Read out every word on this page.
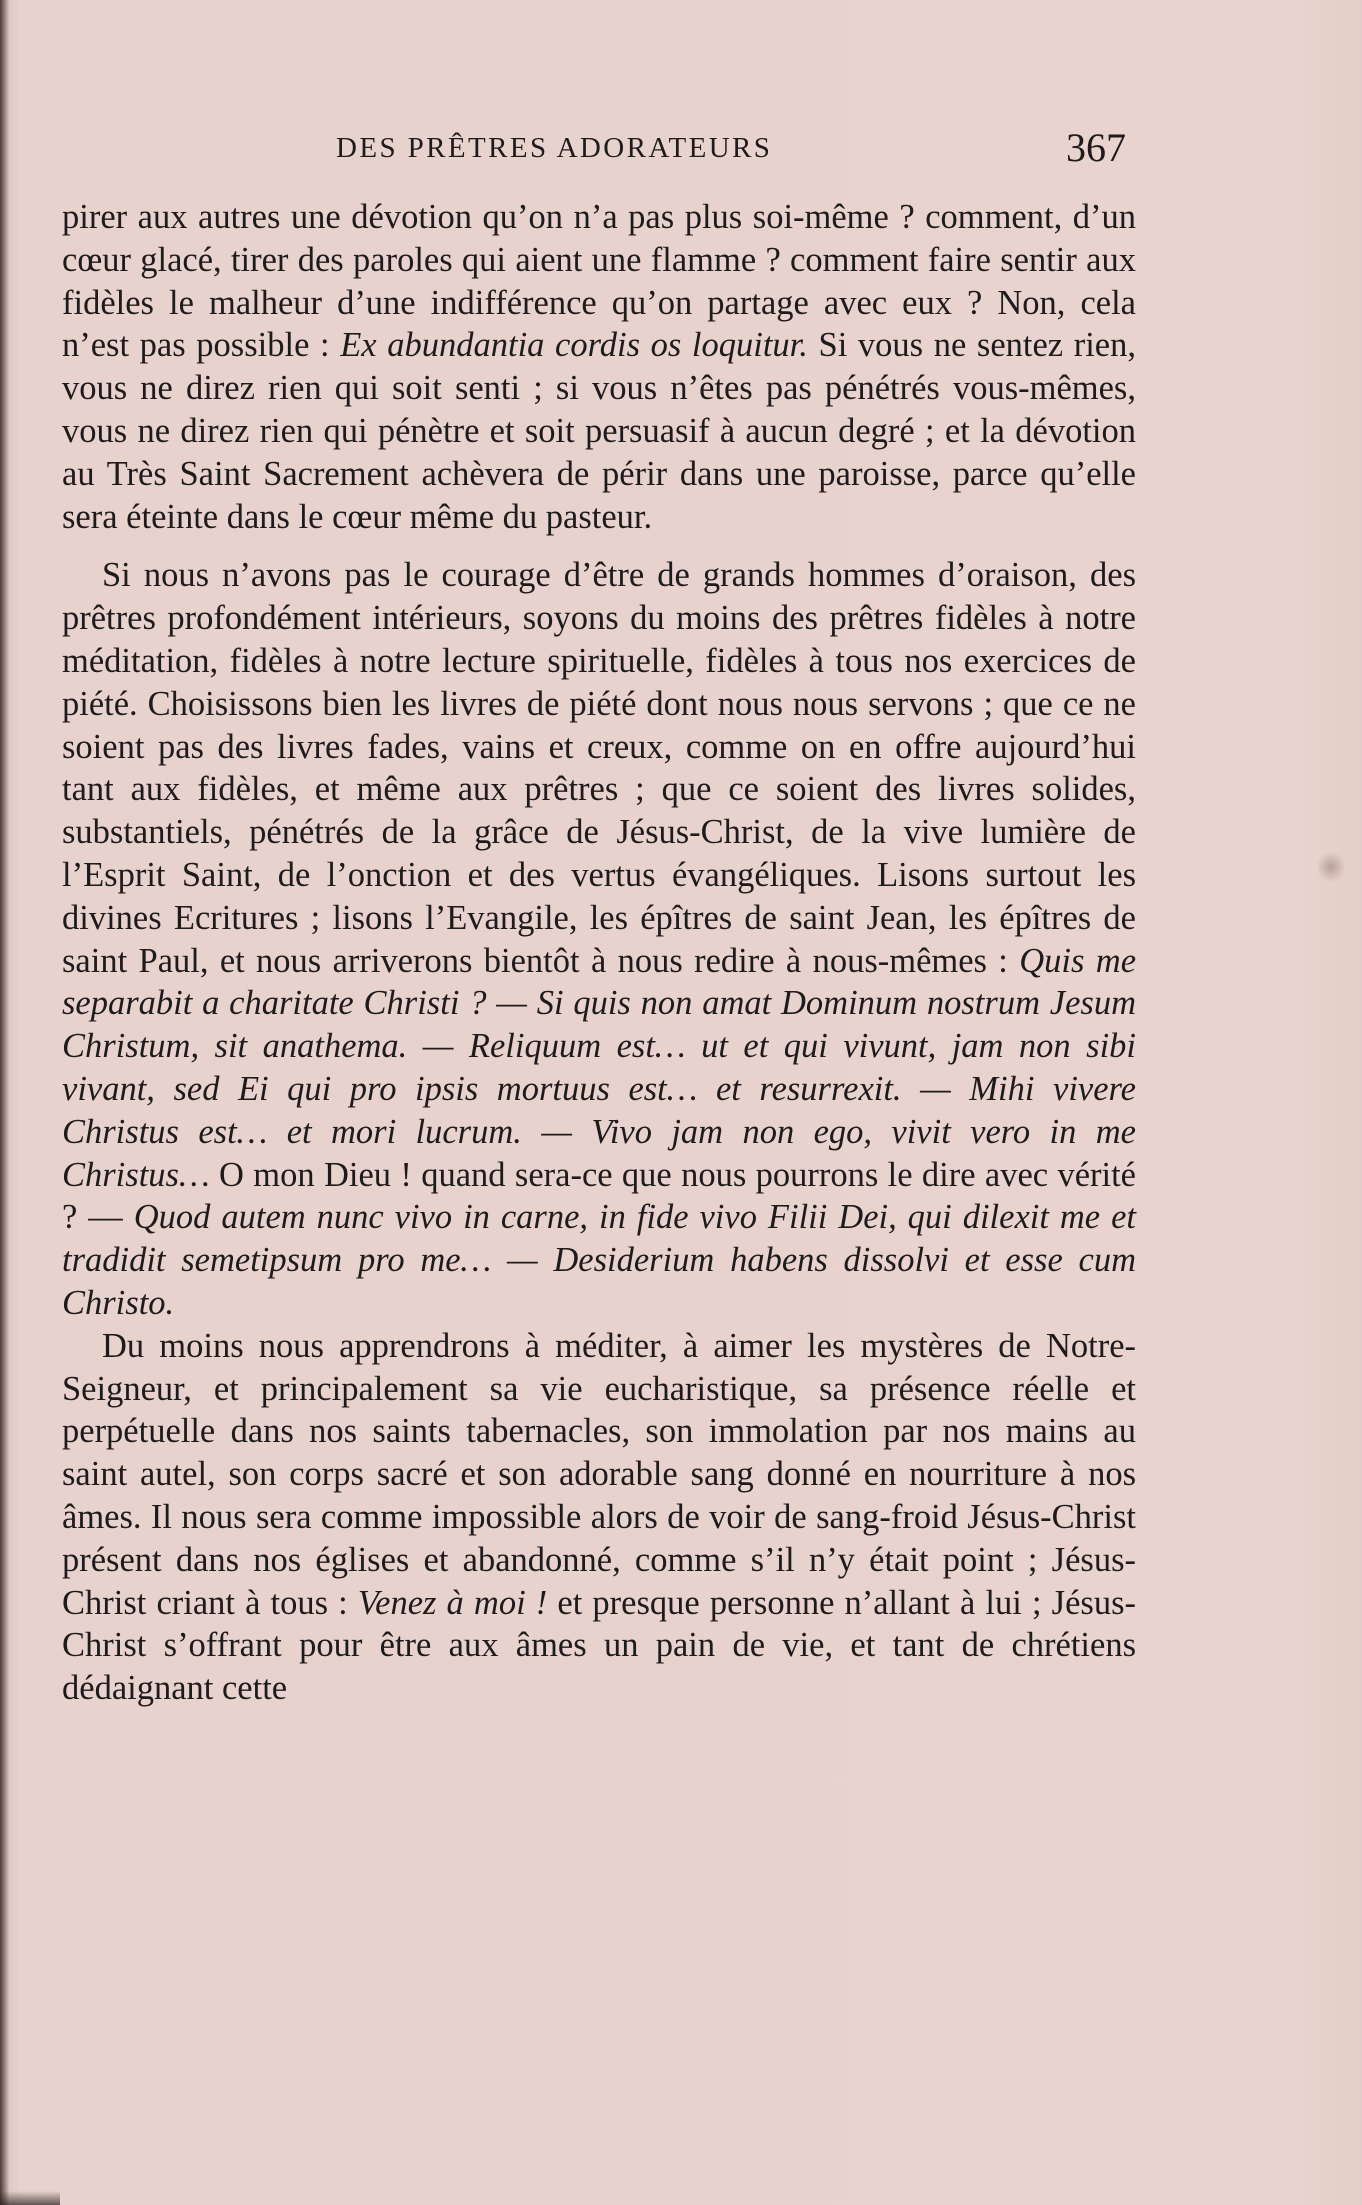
DES PRÊTRES ADORATEURS	367

pirer aux autres une dévotion qu’on n’a pas plus soi-même ? comment, d’un cœur glacé, tirer des paroles qui aient une flamme ? comment faire sentir aux fidèles le malheur d’une indifférence qu’on partage avec eux ? Non, cela n’est pas possible : Ex abundantia cordis os loquitur. Si vous ne sentez rien, vous ne direz rien qui soit senti ; si vous n’êtes pas pénétrés vous-mêmes, vous ne direz rien qui pénètre et soit persuasif à aucun degré ; et la dévotion au Très Saint Sacrement achèvera de périr dans une paroisse, parce qu’elle sera éteinte dans le cœur même du pasteur.

Si nous n’avons pas le courage d’être de grands hommes d’oraison, des prêtres profondément intérieurs, soyons du moins des prêtres fidèles à notre méditation, fidèles à notre lecture spirituelle, fidèles à tous nos exercices de piété. Choisissons bien les livres de piété dont nous nous servons ; que ce ne soient pas des livres fades, vains et creux, comme on en offre aujourd’hui tant aux fidèles, et même aux prêtres ; que ce soient des livres solides, substantiels, pénétrés de la grâce de Jésus-Christ, de la vive lumière de l’Esprit Saint, de l’onction et des vertus évangéliques. Lisons surtout les divines Ecritures ; lisons l’Evangile, les épîtres de saint Jean, les épîtres de saint Paul, et nous arriverons bientôt à nous redire à nous-mêmes : Quis me separabit a charitate Christi ? — Si quis non amat Dominum nostrum Jesum Christum, sit anathema. — Reliquum est… ut et qui vivunt, jam non sibi vivant, sed Ei qui pro ipsis mortuus est… et resurrexit. — Mihi vivere Christus est… et mori lucrum. — Vivo jam non ego, vivit vero in me Christus… O mon Dieu ! quand sera-ce que nous pourrons le dire avec vérité ? — Quod autem nunc vivo in carne, in fide vivo Filii Dei, qui dilexit me et tradidit semetipsum pro me… — Desiderium habens dissolvi et esse cum Christo.

Du moins nous apprendrons à méditer, à aimer les mystères de Notre-Seigneur, et principalement sa vie eucharistique, sa présence réelle et perpétuelle dans nos saints tabernacles, son immolation par nos mains au saint autel, son corps sacré et son adorable sang donné en nourriture à nos âmes. Il nous sera comme impossible alors de voir de sang-froid Jésus-Christ présent dans nos églises et abandonné, comme s’il n’y était point ; Jésus-Christ criant à tous : Venez à moi ! et presque personne n’allant à lui ; Jésus-Christ s’offrant pour être aux âmes un pain de vie, et tant de chrétiens dédaignant cette
